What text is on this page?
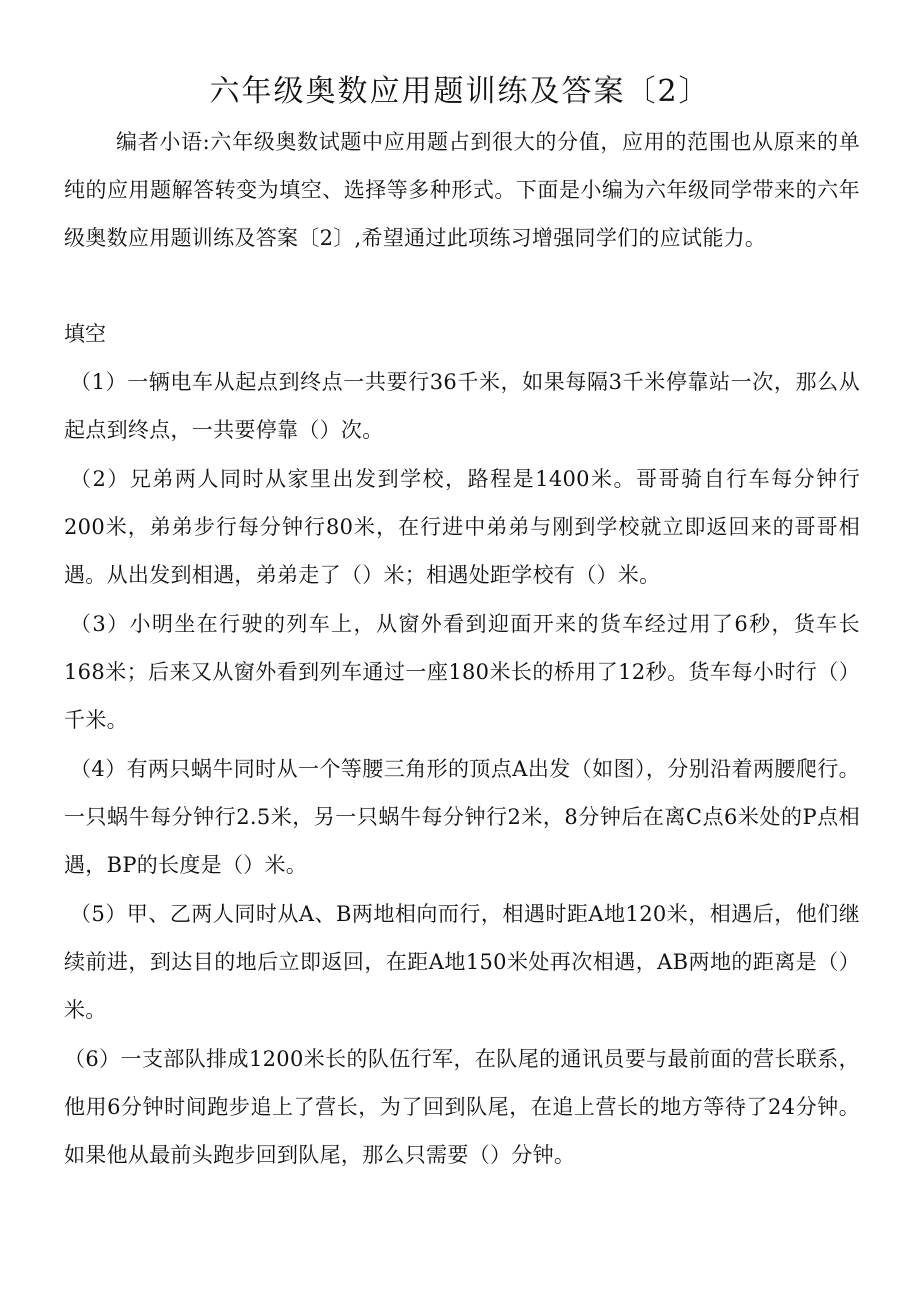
六年级奥数应用题训练及答案〔2〕

编者小语:六年级奥数试题中应用题占到很大的分值，应用的范围也从原来的单纯的应用题解答转变为填空、选择等多种形式。下面是小编为六年级同学带来的六年级奥数应用题训练及答案〔2〕,希望通过此项练习增强同学们的应试能力。

填空

（1）一辆电车从起点到终点一共要行36千米，如果每隔3千米停靠站一次，那么从起点到终点，一共要停靠（）次。

（2）兄弟两人同时从家里出发到学校，路程是1400米。哥哥骑自行车每分钟行200米，弟弟步行每分钟行80米，在行进中弟弟与刚到学校就立即返回来的哥哥相遇。从出发到相遇，弟弟走了（）米；相遇处距学校有（）米。

（3）小明坐在行驶的列车上，从窗外看到迎面开来的货车经过用了6秒，货车长168米；后来又从窗外看到列车通过一座180米长的桥用了12秒。货车每小时行（）千米。

（4）有两只蜗牛同时从一个等腰三角形的顶点A出发（如图），分别沿着两腰爬行。一只蜗牛每分钟行2.5米，另一只蜗牛每分钟行2米，8分钟后在离C点6米处的P点相遇，BP的长度是（）米。

（5）甲、乙两人同时从A、B两地相向而行，相遇时距A地120米，相遇后，他们继续前进，到达目的地后立即返回，在距A地150米处再次相遇，AB两地的距离是（）米。

（6）一支部队排成1200米长的队伍行军，在队尾的通讯员要与最前面的营长联系，他用6分钟时间跑步追上了营长，为了回到队尾，在追上营长的地方等待了24分钟。如果他从最前头跑步回到队尾，那么只需要（）分钟。
